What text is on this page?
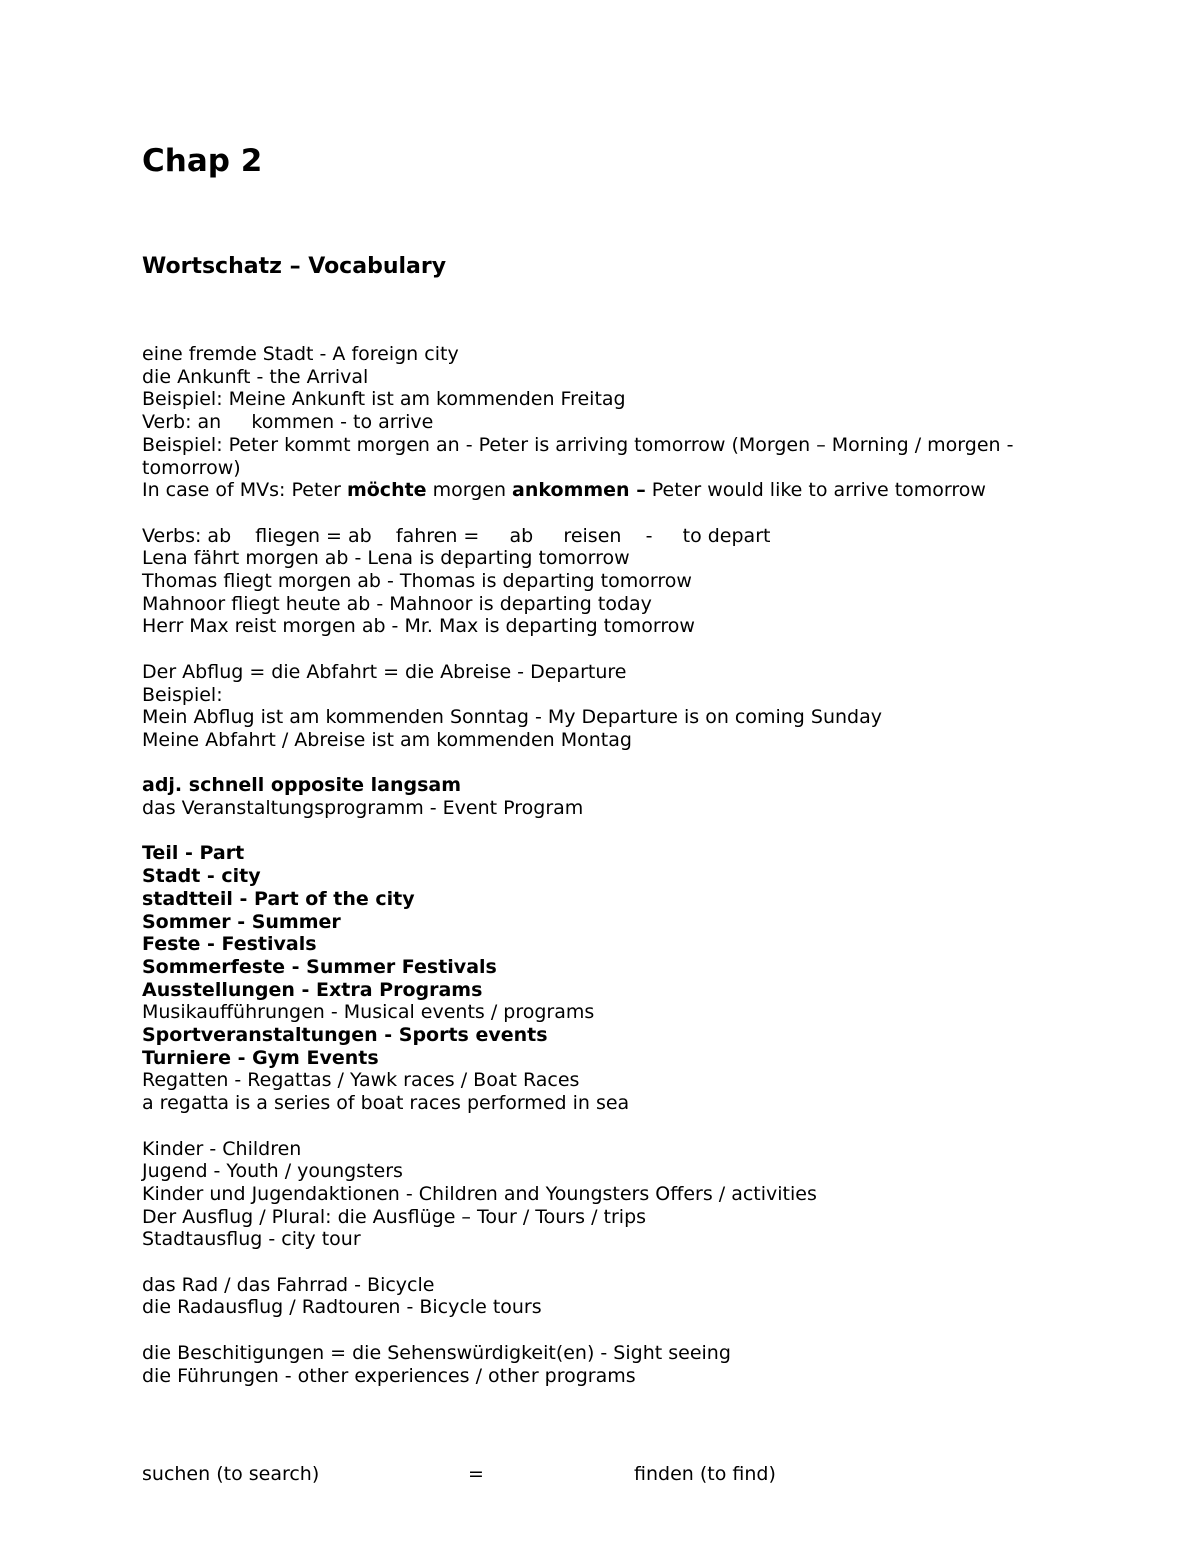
Chap 2
Wortschatz – Vocabulary

eine fremde Stadt - A foreign city

die Ankunft - the Arrival

Beispiel: Meine Ankunft ist am kommenden Freitag

Verb: an     kommen - to arrive

Beispiel: Peter kommt morgen an - Peter is arriving tomorrow (Morgen – Morning / morgen - tomorrow)

In case of MVs: Peter möchte morgen ankommen – Peter would like to arrive tomorrow

Verbs: ab    fliegen = ab    fahren =     ab     reisen    -     to depart

Lena fährt morgen ab - Lena is departing tomorrow

Thomas fliegt morgen ab - Thomas is departing tomorrow

Mahnoor fliegt heute ab - Mahnoor is departing today

Herr Max reist morgen ab - Mr. Max is departing tomorrow

Der Abflug = die Abfahrt = die Abreise - Departure

Beispiel:

Mein Abflug ist am kommenden Sonntag - My Departure is on coming Sunday

Meine Abfahrt / Abreise ist am kommenden Montag

adj. schnell opposite langsam

das Veranstaltungsprogramm - Event Program

Teil - Part

Stadt - city

stadtteil - Part of the city

Sommer - Summer

Feste - Festivals

Sommerfeste - Summer Festivals

Ausstellungen - Extra Programs

Musikaufführungen - Musical events / programs

Sportveranstaltungen - Sports events

Turniere - Gym Events

Regatten - Regattas / Yawk races / Boat Races

a regatta is a series of boat races performed in sea

Kinder - Children

Jugend - Youth / youngsters

Kinder und Jugendaktionen - Children and Youngsters Offers / activities

Der Ausflug / Plural: die Ausflüge – Tour / Tours / trips

Stadtausflug - city tour

das Rad / das Fahrrad - Bicycle

die Radausflug / Radtouren - Bicycle tours

die Beschitigungen = die Sehenswürdigkeit(en) - Sight seeing

die Führungen - other experiences / other programs

suchen (to search)	=	finden (to find)
